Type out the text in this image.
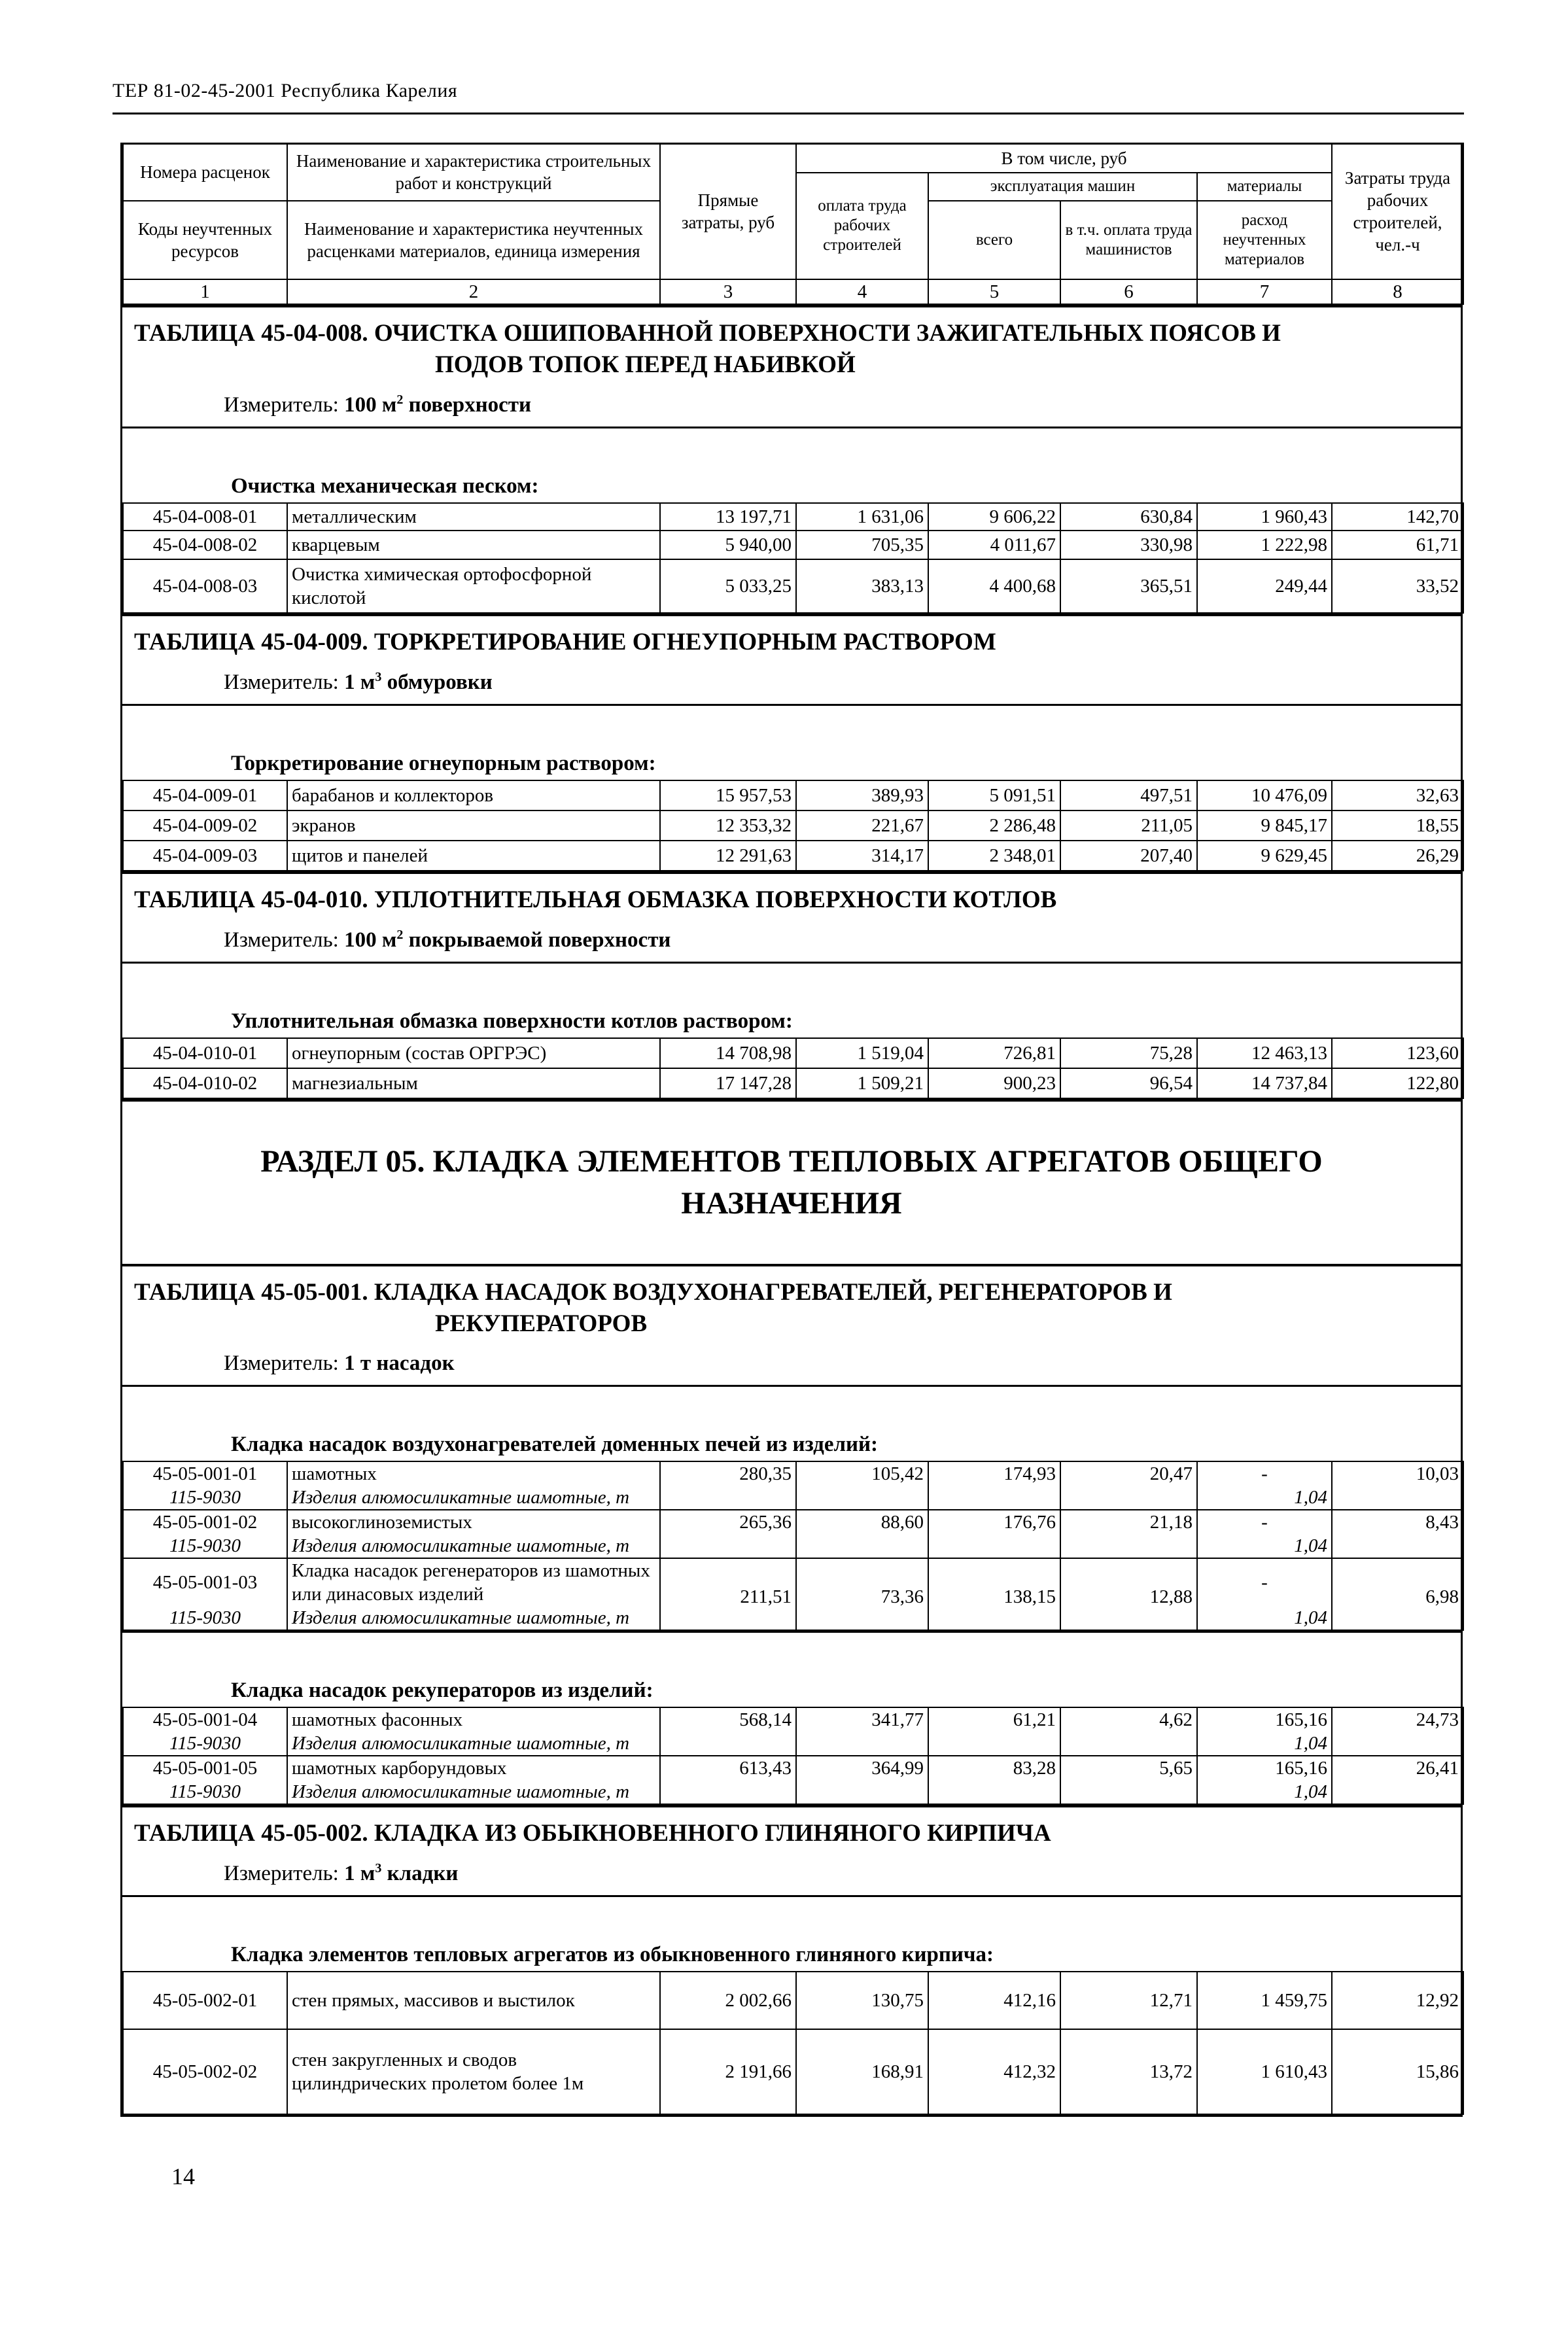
ТЕР 81-02-45-2001 Республика Карелия
Номера расценок	Наименование и характеристика строительных работ и конструкций	Прямые затраты, руб	В том числе, руб				Затраты труда рабочих строителей, чел.-ч
			оплата труда рабочих строителей	эксплуатация машин		материалы	
Коды неучтенных ресурсов	Наименование и характеристика неучтенных расценками материалов, единица измерения			всего	в т.ч. оплата труда машинистов	расход неучтенных материалов	

1	2	3	4	5	6	7	8
ТАБЛИЦА 45-04-008. ОЧИСТКА ОШИПОВАННОЙ ПОВЕРХНОСТИ ЗАЖИГАТЕЛЬНЫХ ПОЯСОВ И
ПОДОВ ТОПОК ПЕРЕД НАБИВКОЙ
Измеритель: 100 $м^2$ поверхности
Очистка механическая песком:
45-04-008-01	металлическим	13 197,71	1 631,06	9 606,22	630,84	1 960,43	142,70
45-04-008-02	кварцевым	5 940,00	705,35	4 011,67	330,98	1 222,98	61,71
45-04-008-03	Очистка химическая ортофосфорной кислотой	5 033,25	383,13	4 400,68	365,51	249,44	33,52
ТАБЛИЦА 45-04-009. ТОРКРЕТИРОВАНИЕ ОГНЕУПОРНЫМ РАСТВОРОМ
Измеритель: 1 $м^3$ обмуровки
Торкретирование огнеупорным раствором:
45-04-009-01	барабанов и коллекторов	15 957,53	389,93	5 091,51	497,51	10 476,09	32,63
45-04-009-02	экранов	12 353,32	221,67	2 286,48	211,05	9 845,17	18,55
45-04-009-03	щитов и панелей	12 291,63	314,17	2 348,01	207,40	9 629,45	26,29
ТАБЛИЦА 45-04-010. УПЛОТНИТЕЛЬНАЯ ОБМАЗКА ПОВЕРХНОСТИ КОТЛОВ
Измеритель: 100 $м^2$ покрываемой поверхности
Уплотнительная обмазка поверхности котлов раствором:
45-04-010-01	огнеупорным (состав ОРГРЭС)	14 708,98	1 519,04	726,81	75,28	12 463,13	123,60
45-04-010-02	магнезиальным	17 147,28	1 509,21	900,23	96,54	14 737,84	122,80
РАЗДЕЛ 05. КЛАДКА ЭЛЕМЕНТОВ ТЕПЛОВЫХ АГРЕГАТОВ ОБЩЕГО
НАЗНАЧЕНИЯ
ТАБЛИЦА 45-05-001. КЛАДКА НАСАДОК ВОЗДУХОНАГРЕВАТЕЛЕЙ, РЕГЕНЕРАТОРОВ И
РЕКУПЕРАТОРОВ
Измеритель: 1 т насадок
Кладка насадок воздухонагревателей доменных печей из изделий:
45-05-001-01	шамотных	280,35	105,42	174,93	20,47	-	10,03
115-9030	Изделия алюмосиликатные шамотные, т					1,04	
45-05-001-02	высокоглиноземистых	265,36	88,60	176,76	21,18	-	8,43
115-9030	Изделия алюмосиликатные шамотные, т					1,04	
45-05-001-03	Кладка насадок регенераторов из шамотных или динасовых изделий	211,51	73,36	138,15	12,88	-	6,98
115-9030	Изделия алюмосиликатные шамотные, т					1,04	
Кладка насадок рекуператоров из изделий:
45-05-001-04	шамотных фасонных	568,14	341,77	61,21	4,62	165,16	24,73
115-9030	Изделия алюмосиликатные шамотные, т					1,04	
45-05-001-05	шамотных карборундовых	613,43	364,99	83,28	5,65	165,16	26,41
115-9030	Изделия алюмосиликатные шамотные, т					1,04	
ТАБЛИЦА 45-05-002. КЛАДКА ИЗ ОБЫКНОВЕННОГО ГЛИНЯНОГО КИРПИЧА
Измеритель: 1 $м^3$ кладки
Кладка элементов тепловых агрегатов из обыкновенного глиняного кирпича:
45-05-002-01	стен прямых, массивов и выстилок	2 002,66	130,75	412,16	12,71	1 459,75	12,92
45-05-002-02	стен закругленных и сводов цилиндрических пролетом более 1м	2 191,66	168,91	412,32	13,72	1 610,43	15,86
14
